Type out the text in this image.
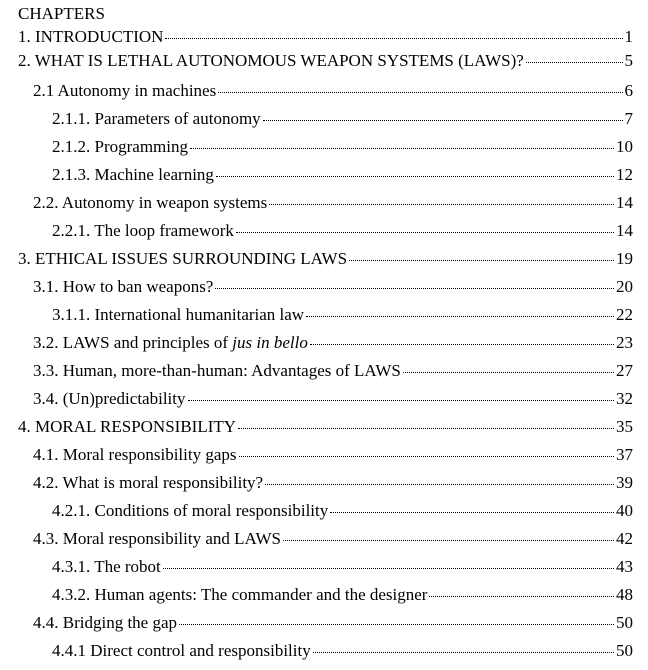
CHAPTERS
1. INTRODUCTION	1
2. WHAT IS LETHAL AUTONOMOUS WEAPON SYSTEMS (LAWS)?	5
2.1 Autonomy in machines	6
2.1.1. Parameters of autonomy	7
2.1.2. Programming	10
2.1.3. Machine learning	12
2.2. Autonomy in weapon systems	14
2.2.1. The loop framework	14
3. ETHICAL ISSUES SURROUNDING LAWS	19
3.1. How to ban weapons?	20
3.1.1. International humanitarian law	22
3.2. LAWS and principles of jus in bello	23
3.3. Human, more-than-human: Advantages of LAWS	27
3.4. (Un)predictability	32
4. MORAL RESPONSIBILITY	35
4.1. Moral responsibility gaps	37
4.2. What is moral responsibility?	39
4.2.1. Conditions of moral responsibility	40
4.3. Moral responsibility and LAWS	42
4.3.1. The robot	43
4.3.2. Human agents: The commander and the designer	48
4.4. Bridging the gap	50
4.4.1 Direct control and responsibility	50
